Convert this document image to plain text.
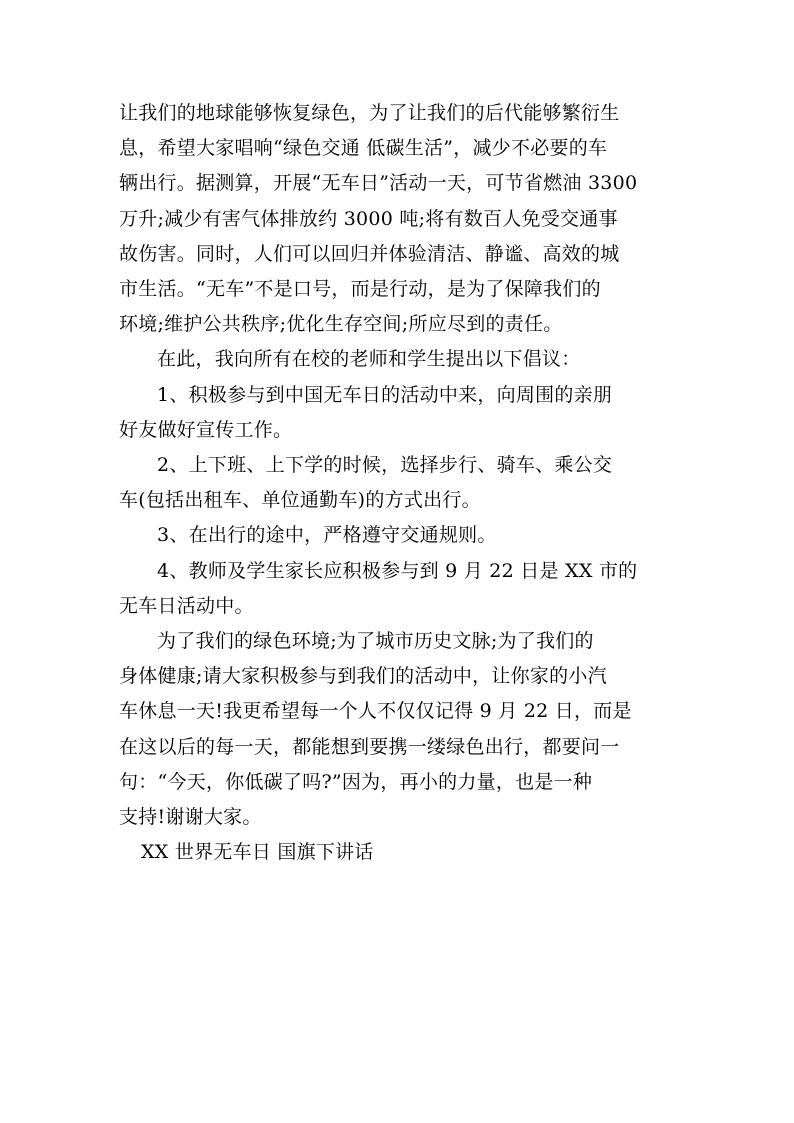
让我们的地球能够恢复绿色，为了让我们的后代能够繁衍生
息，希望大家唱响“绿色交通 低碳生活”，减少不必要的车
辆出行。据测算，开展“无车日”活动一天，可节省燃油 3300
万升;减少有害气体排放约 3000 吨;将有数百人免受交通事
故伤害。同时，人们可以回归并体验清洁、静谧、高效的城
市生活。“无车”不是口号，而是行动，是为了保障我们的
环境;维护公共秩序;优化生存空间;所应尽到的责任。

在此，我向所有在校的老师和学生提出以下倡议：

1、积极参与到中国无车日的活动中来，向周围的亲朋
好友做好宣传工作。

2、上下班、上下学的时候，选择步行、骑车、乘公交
车(包括出租车、单位通勤车)的方式出行。

3、在出行的途中，严格遵守交通规则。

4、教师及学生家长应积极参与到 9 月 22 日是 XX 市的
无车日活动中。

为了我们的绿色环境;为了城市历史文脉;为了我们的
身体健康;请大家积极参与到我们的活动中，让你家的小汽
车休息一天!我更希望每一个人不仅仅记得 9 月 22 日，而是
在这以后的每一天，都能想到要携一缕绿色出行，都要问一
句：“今天，你低碳了吗?”因为，再小的力量，也是一种
支持!谢谢大家。

XX 世界无车日 国旗下讲话
